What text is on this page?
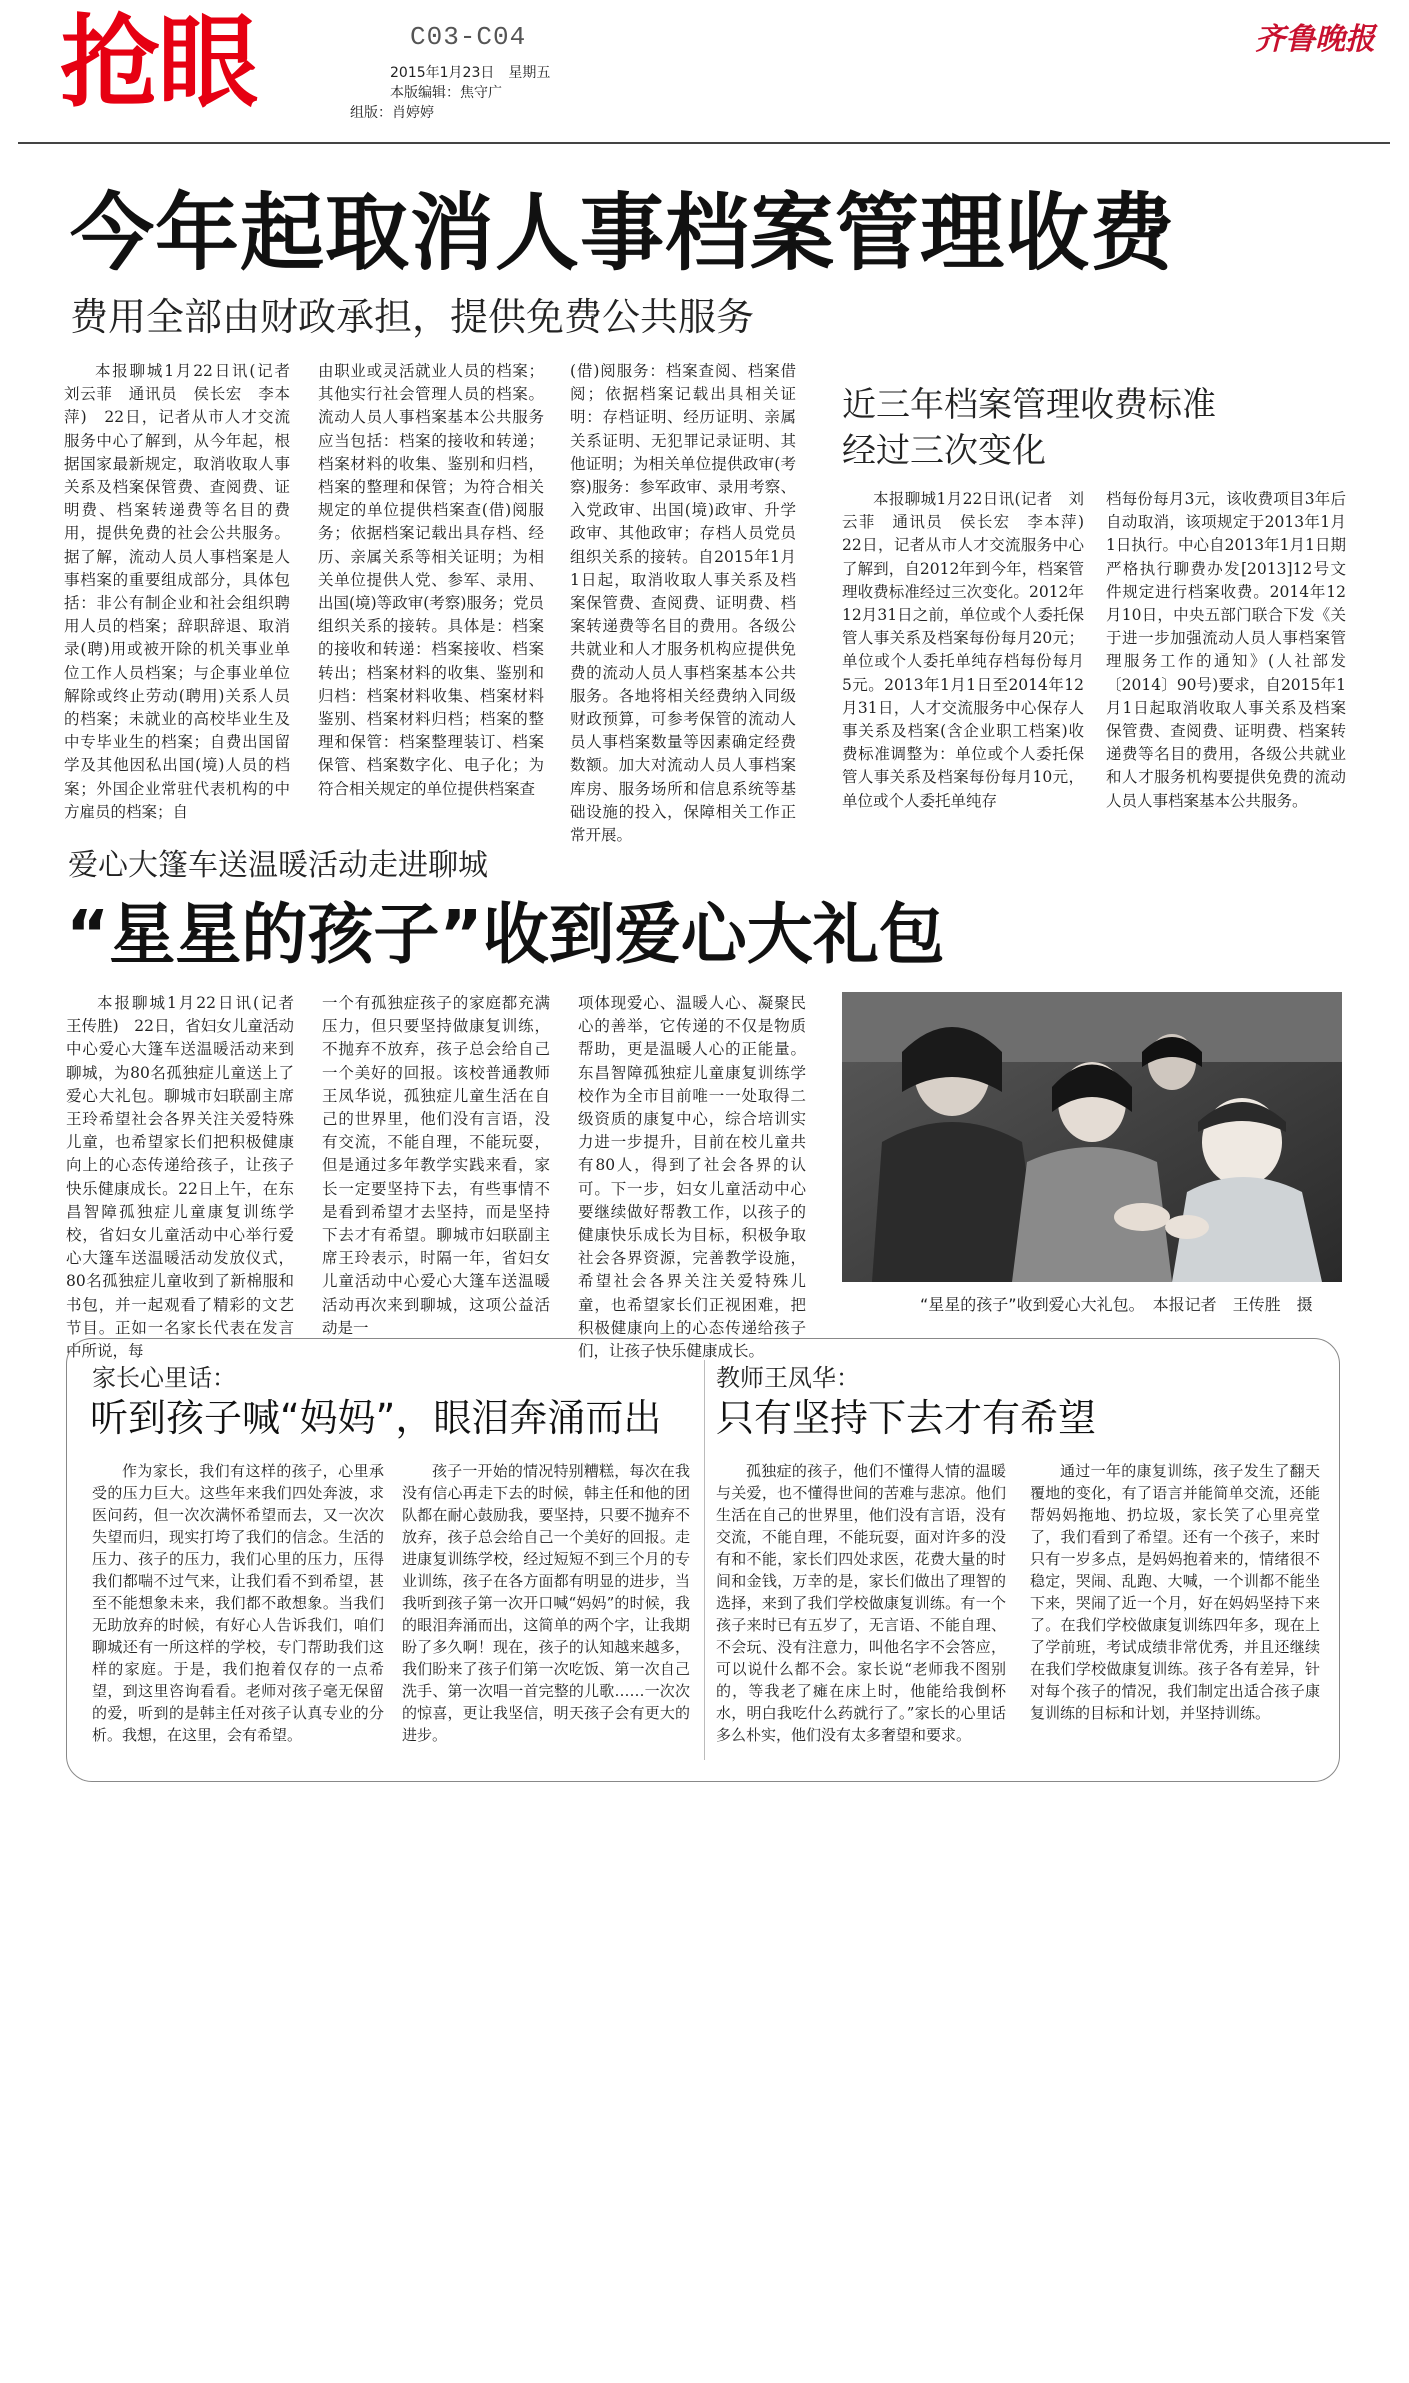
抢眼	C03-C04
2015年1月23日　星期五
本版编辑：焦守广
组版：肖婷婷
齐鲁晚报
今年起取消人事档案管理收费
费用全部由财政承担，提供免费公共服务

本报聊城1月22日讯(记者　刘云菲　通讯员　侯长宏　李本萍)　22日，记者从市人才交流服务中心了解到，从今年起，根据国家最新规定，取消收取人事关系及档案保管费、查阅费、证明费、档案转递费等名目的费用，提供免费的社会公共服务。据了解，流动人员人事档案是人事档案的重要组成部分，具体包括：非公有制企业和社会组织聘用人员的档案；辞职辞退、取消录(聘)用或被开除的机关事业单位工作人员档案；与企事业单位解除或终止劳动(聘用)关系人员的档案；未就业的高校毕业生及中专毕业生的档案；自费出国留学及其他因私出国(境)人员的档案；外国企业常驻代表机构的中方雇员的档案；自

由职业或灵活就业人员的档案；其他实行社会管理人员的档案。流动人员人事档案基本公共服务应当包括：档案的接收和转递；档案材料的收集、鉴别和归档，档案的整理和保管；为符合相关规定的单位提供档案查(借)阅服务；依据档案记载出具存档、经历、亲属关系等相关证明；为相关单位提供人党、参军、录用、出国(境)等政审(考察)服务；党员组织关系的接转。具体是：档案的接收和转递：档案接收、档案转出；档案材料的收集、鉴别和归档：档案材料收集、档案材料鉴别、档案材料归档；档案的整理和保管：档案整理装订、档案保管、档案数字化、电子化；为符合相关规定的单位提供档案查

(借)阅服务：档案查阅、档案借阅；依据档案记载出具相关证明：存档证明、经历证明、亲属关系证明、无犯罪记录证明、其他证明；为相关单位提供政审(考察)服务：参军政审、录用考察、入党政审、出国(境)政审、升学政审、其他政审；存档人员党员组织关系的接转。自2015年1月1日起，取消收取人事关系及档案保管费、查阅费、证明费、档案转递费等名目的费用。各级公共就业和人才服务机构应提供免费的流动人员人事档案基本公共服务。各地将相关经费纳入同级财政预算，可参考保管的流动人员人事档案数量等因素确定经费数额。加大对流动人员人事档案库房、服务场所和信息系统等基础设施的投入，保障相关工作正常开展。

近三年档案管理收费标准
经过三次变化

本报聊城1月22日讯(记者　刘云菲　通讯员　侯长宏　李本萍)　22日，记者从市人才交流服务中心了解到，自2012年到今年，档案管理收费标准经过三次变化。2012年12月31日之前，单位或个人委托保管人事关系及档案每份每月20元；单位或个人委托单纯存档每份每月5元。2013年1月1日至2014年12月31日，人才交流服务中心保存人事关系及档案(含企业职工档案)收费标准调整为：单位或个人委托保管人事关系及档案每份每月10元，单位或个人委托单纯存

档每份每月3元，该收费项目3年后自动取消，该项规定于2013年1月1日执行。中心自2013年1月1日期严格执行聊费办发[2013]12号文件规定进行档案收费。2014年12月10日，中央五部门联合下发《关于进一步加强流动人员人事档案管理服务工作的通知》(人社部发〔2014〕90号)要求，自2015年1月1日起取消收取人事关系及档案保管费、查阅费、证明费、档案转递费等名目的费用，各级公共就业和人才服务机构要提供免费的流动人员人事档案基本公共服务。

爱心大篷车送温暖活动走进聊城
“星星的孩子”收到爱心大礼包

本报聊城1月22日讯(记者　王传胜)　22日，省妇女儿童活动中心爱心大篷车送温暖活动来到聊城，为80名孤独症儿童送上了爱心大礼包。聊城市妇联副主席王玲希望社会各界关注关爱特殊儿童，也希望家长们把积极健康向上的心态传递给孩子，让孩子快乐健康成长。22日上午，在东昌智障孤独症儿童康复训练学校，省妇女儿童活动中心举行爱心大篷车送温暖活动发放仪式，80名孤独症儿童收到了新棉服和书包，并一起观看了精彩的文艺节目。正如一名家长代表在发言中所说，每

一个有孤独症孩子的家庭都充满压力，但只要坚持做康复训练，不抛弃不放弃，孩子总会给自己一个美好的回报。该校普通教师王凤华说，孤独症儿童生活在自己的世界里，他们没有言语，没有交流，不能自理，不能玩耍，但是通过多年教学实践来看，家长一定要坚持下去，有些事情不是看到希望才去坚持，而是坚持下去才有希望。聊城市妇联副主席王玲表示，时隔一年，省妇女儿童活动中心爱心大篷车送温暖活动再次来到聊城，这项公益活动是一

项体现爱心、温暖人心、凝聚民心的善举，它传递的不仅是物质帮助，更是温暖人心的正能量。东昌智障孤独症儿童康复训练学校作为全市目前唯一一处取得二级资质的康复中心，综合培训实力进一步提升，目前在校儿童共有80人，得到了社会各界的认可。下一步，妇女儿童活动中心要继续做好帮教工作，以孩子的健康快乐成长为目标，积极争取社会各界资源，完善教学设施，希望社会各界关注关爱特殊儿童，也希望家长们正视困难，把积极健康向上的心态传递给孩子们，让孩子快乐健康成长。

“星星的孩子”收到爱心大礼包。　本报记者　王传胜　摄
家长心里话：
听到孩子喊“妈妈”，眼泪奔涌而出

作为家长，我们有这样的孩子，心里承受的压力巨大。这些年来我们四处奔波，求医问药，但一次次满怀希望而去，又一次次失望而归，现实打垮了我们的信念。生活的压力、孩子的压力，我们心里的压力，压得我们都喘不过气来，让我们看不到希望，甚至不能想象未来，我们都不敢想象。当我们无助放弃的时候，有好心人告诉我们，咱们聊城还有一所这样的学校，专门帮助我们这样的家庭。于是，我们抱着仅存的一点希望，到这里咨询看看。老师对孩子毫无保留的爱，听到的是韩主任对孩子认真专业的分析。我想，在这里，会有希望。

孩子一开始的情况特别糟糕，每次在我没有信心再走下去的时候，韩主任和他的团队都在耐心鼓励我，要坚持，只要不抛弃不放弃，孩子总会给自己一个美好的回报。走进康复训练学校，经过短短不到三个月的专业训练，孩子在各方面都有明显的进步，当我听到孩子第一次开口喊“妈妈”的时候，我的眼泪奔涌而出，这简单的两个字，让我期盼了多久啊！现在，孩子的认知越来越多，我们盼来了孩子们第一次吃饭、第一次自己洗手、第一次唱一首完整的儿歌……一次次的惊喜，更让我坚信，明天孩子会有更大的进步。

教师王凤华：
只有坚持下去才有希望

孤独症的孩子，他们不懂得人情的温暖与关爱，也不懂得世间的苦难与悲凉。他们生活在自己的世界里，他们没有言语，没有交流，不能自理，不能玩耍，面对许多的没有和不能，家长们四处求医，花费大量的时间和金钱，万幸的是，家长们做出了理智的选择，来到了我们学校做康复训练。有一个孩子来时已有五岁了，无言语、不能自理、不会玩、没有注意力，叫他名字不会答应，可以说什么都不会。家长说“老师我不图别的，等我老了瘫在床上时，他能给我倒杯水，明白我吃什么药就行了。”家长的心里话多么朴实，他们没有太多奢望和要求。

通过一年的康复训练，孩子发生了翻天覆地的变化，有了语言并能简单交流，还能帮妈妈拖地、扔垃圾，家长笑了心里亮堂了，我们看到了希望。还有一个孩子，来时只有一岁多点，是妈妈抱着来的，情绪很不稳定，哭闹、乱跑、大喊，一个训都不能坐下来，哭闹了近一个月，好在妈妈坚持下来了。在我们学校做康复训练四年多，现在上了学前班，考试成绩非常优秀，并且还继续在我们学校做康复训练。孩子各有差异，针对每个孩子的情况，我们制定出适合孩子康复训练的目标和计划，并坚持训练。
